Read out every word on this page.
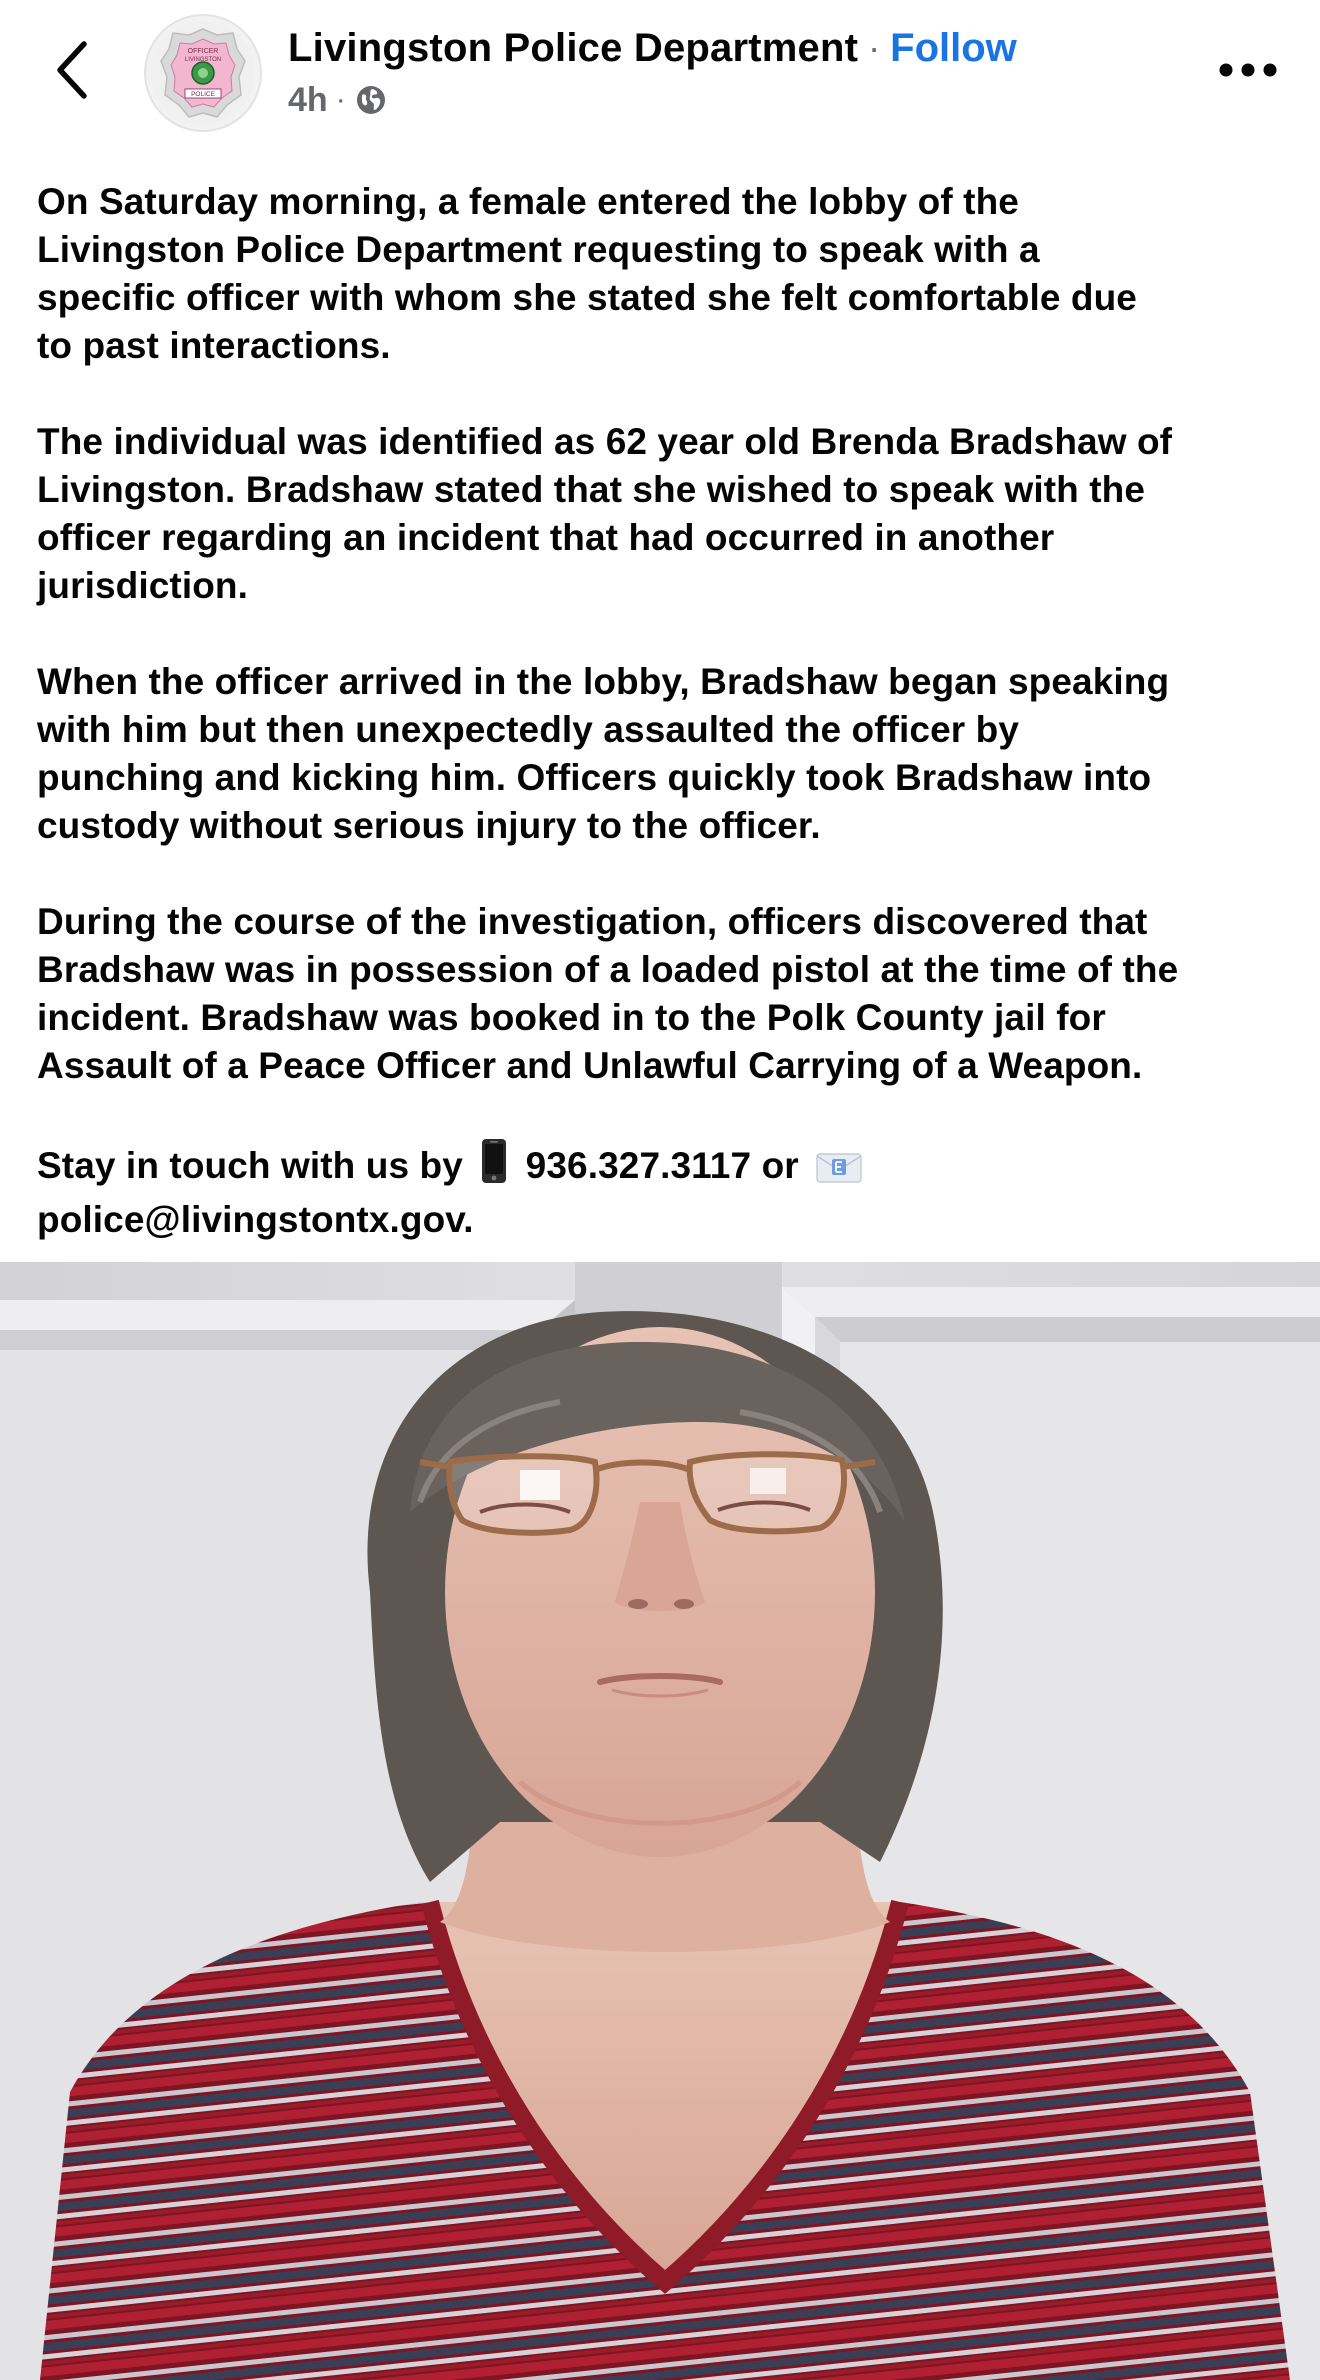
OFFICER
LIVINGSTON
POLICE
Livingston Police Department · Follow
4h ·

On Saturday morning, a female entered the lobby of the
Livingston Police Department requesting to speak with a
specific officer with whom she stated she felt comfortable due
to past interactions.

The individual was identified as 62 year old Brenda Bradshaw of
Livingston. Bradshaw stated that she wished to speak with the
officer regarding an incident that had occurred in another
jurisdiction.

When the officer arrived in the lobby, Bradshaw began speaking
with him but then unexpectedly assaulted the officer by
punching and kicking him. Officers quickly took Bradshaw into
custody without serious injury to the officer.

During the course of the investigation, officers discovered that
Bradshaw was in possession of a loaded pistol at the time of the
incident. Bradshaw was booked in to the Polk County jail for
Assault of a Peace Officer and Unlawful Carrying of a Weapon.

Stay in touch with us by 936.327.3117 or
police@livingstontx.gov.
